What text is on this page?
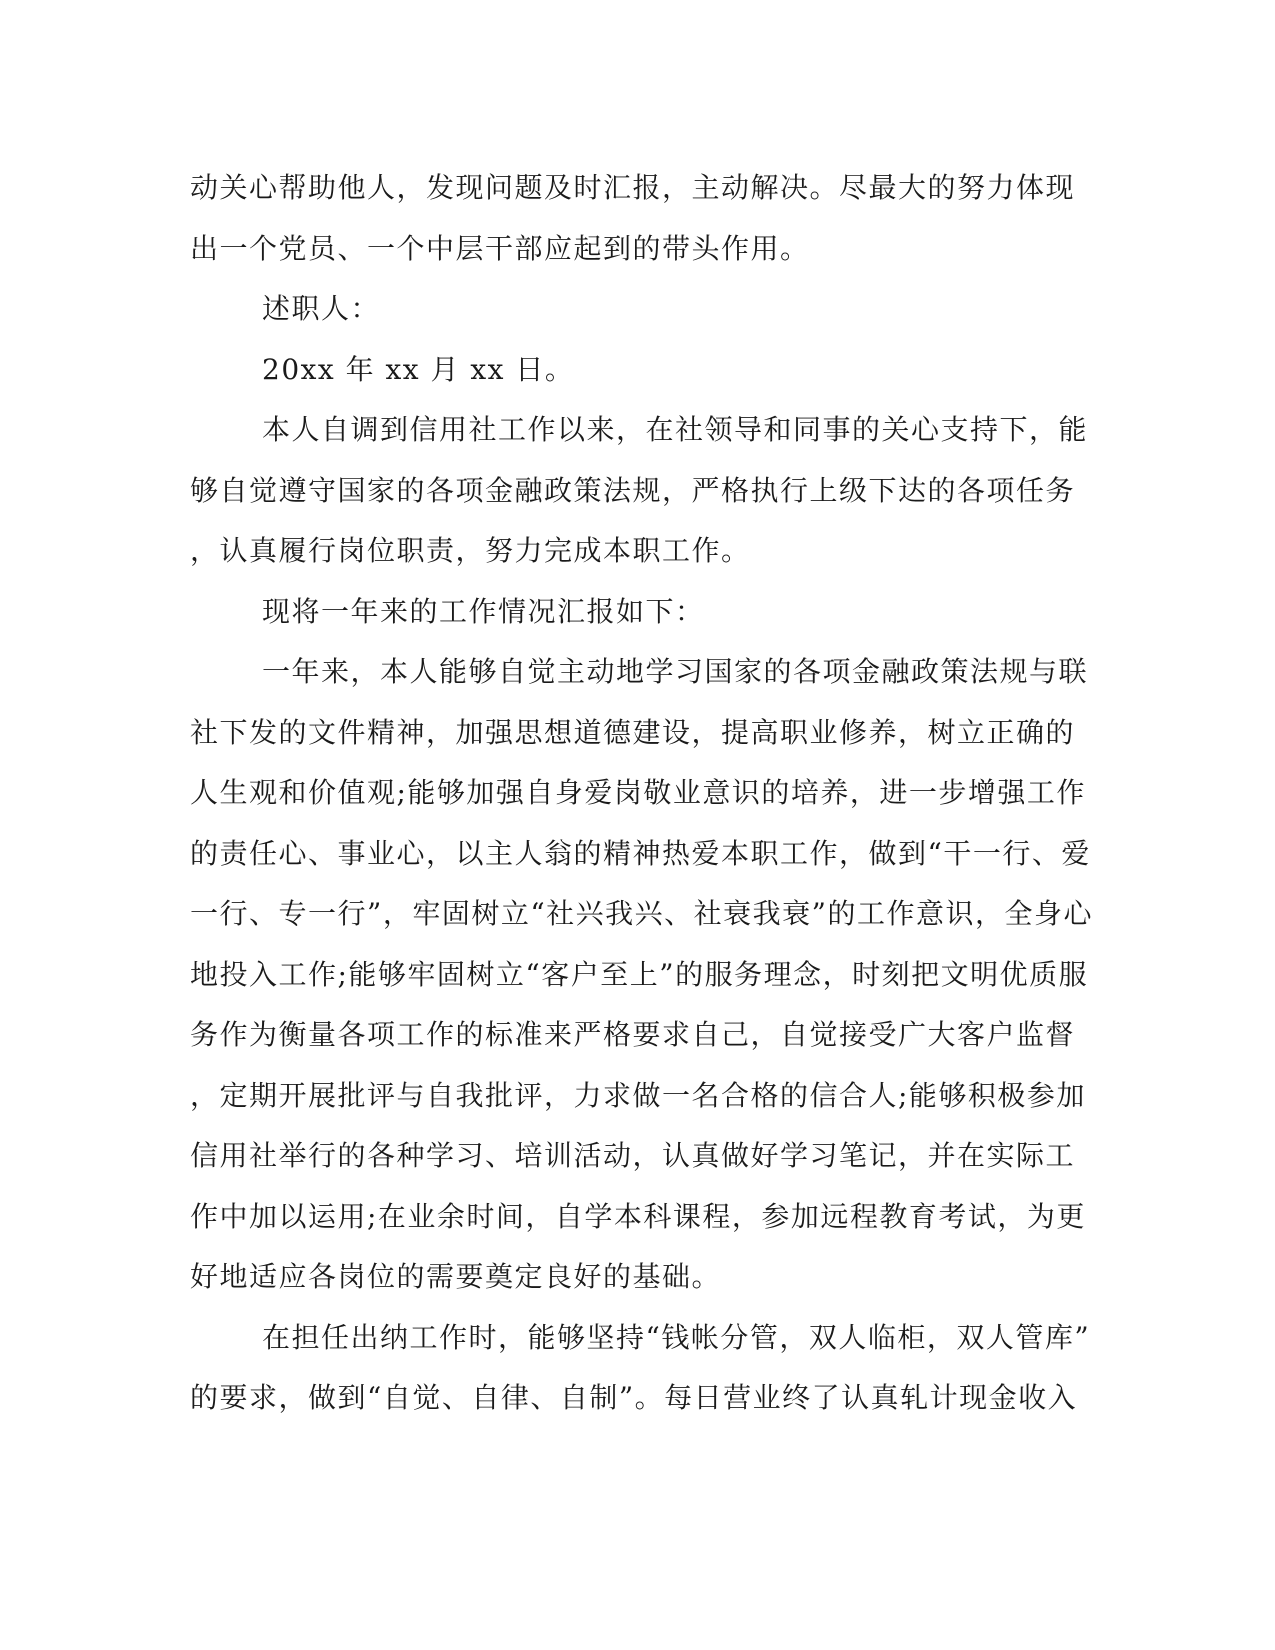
动关心帮助他人，发现问题及时汇报，主动解决。尽最大的努力体现
出一个党员、一个中层干部应起到的带头作用。
述职人：
20xx 年 xx 月 xx 日。
本人自调到信用社工作以来，在社领导和同事的关心支持下，能
够自觉遵守国家的各项金融政策法规，严格执行上级下达的各项任务
，认真履行岗位职责，努力完成本职工作。
现将一年来的工作情况汇报如下：
一年来，本人能够自觉主动地学习国家的各项金融政策法规与联
社下发的文件精神，加强思想道德建设，提高职业修养，树立正确的
人生观和价值观;能够加强自身爱岗敬业意识的培养，进一步增强工作
的责任心、事业心，以主人翁的精神热爱本职工作，做到“干一行、爱
一行、专一行”，牢固树立“社兴我兴、社衰我衰”的工作意识，全身心
地投入工作;能够牢固树立“客户至上”的服务理念，时刻把文明优质服
务作为衡量各项工作的标准来严格要求自己，自觉接受广大客户监督
，定期开展批评与自我批评，力求做一名合格的信合人;能够积极参加
信用社举行的各种学习、培训活动，认真做好学习笔记，并在实际工
作中加以运用;在业余时间，自学本科课程，参加远程教育考试，为更
好地适应各岗位的需要奠定良好的基础。
在担任出纳工作时，能够坚持“钱帐分管，双人临柜，双人管库”
的要求，做到“自觉、自律、自制”。每日营业终了认真轧计现金收入
